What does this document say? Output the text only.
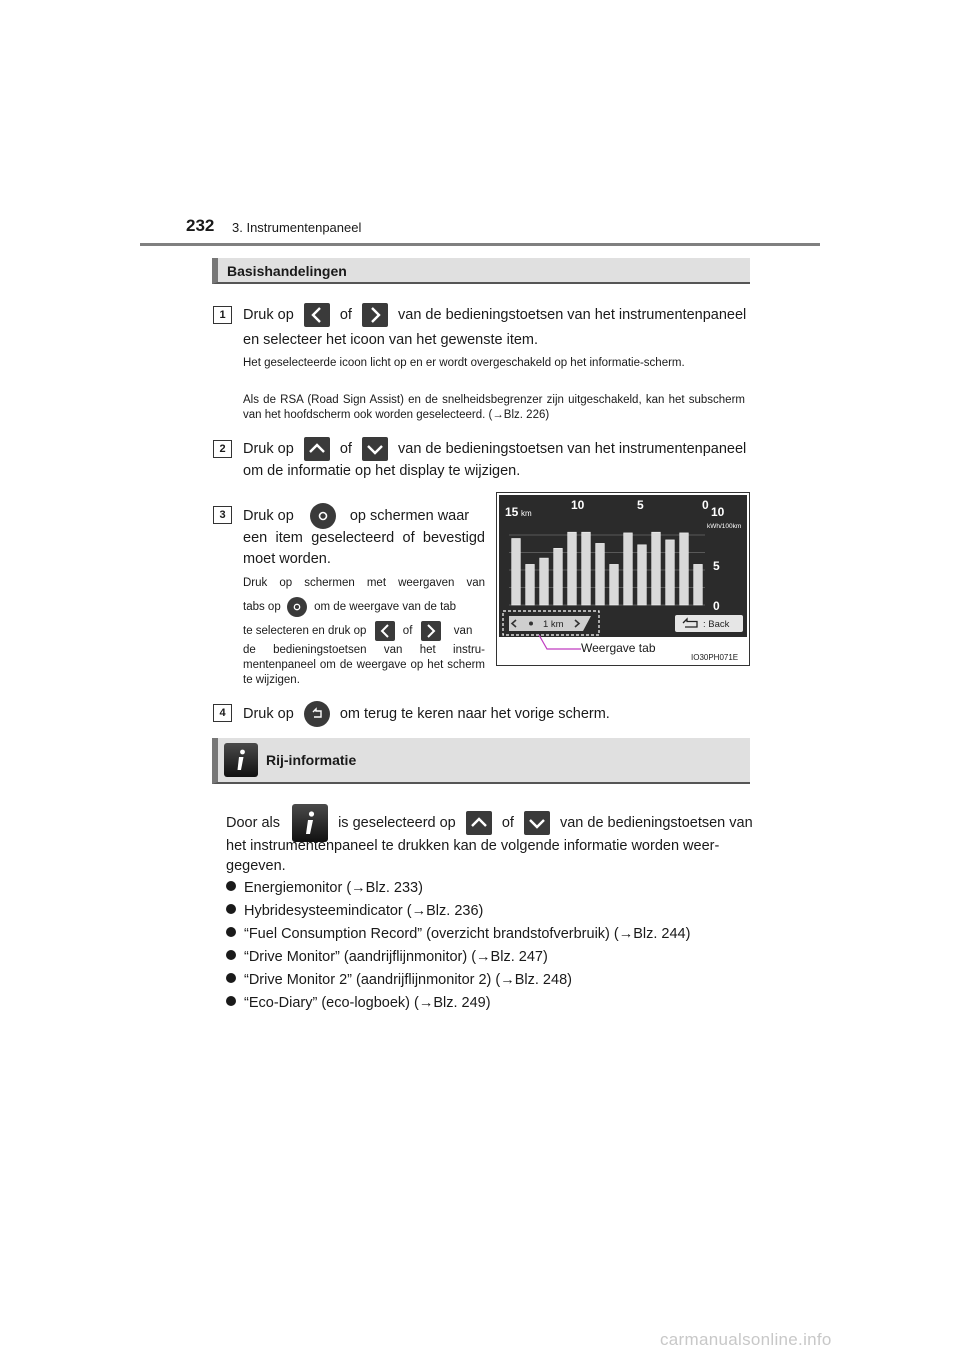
232 3. Instrumentenpaneel
Basishandelingen
1	Druk op	of	van de bedieningstoetsen van het instrumentenpaneel
en selecteer het icoon van het gewenste item.
Het geselecteerde icoon licht op en er wordt overgeschakeld op het informatie-scherm.
Als de RSA (Road Sign Assist) en de snelheidsbegrenzer zijn uitgeschakeld, kan het subscherm van het hoofdscherm ook worden geselecteerd. (→Blz. 226)
2	Druk op	of	van de bedieningstoetsen van het instrumentenpaneel
om de informatie op het display te wijzigen.
3	Druk op	op schermen waar
een item geselecteerd of bevestigd
moet worden.
Druk op schermen met weergaven van
tabs op	om de weergave van de tab
te selecteren en druk op	of	van
de bedieningstoetsen van het instru-mentenpaneel om de weergave op het scherm te wijzigen.
15 km
10	5	0 10
kWh/100km
5
0
1 km	: Back
Weergave tab
IO30PH071E
4	Druk op	om terug te keren naar het vorige scherm.
Rij-informatie
Door als	is geselecteerd op	of	van de bedieningstoetsen van
het instrumentenpaneel te drukken kan de volgende informatie worden weer-
gegeven.
Energiemonitor (→Blz. 233)
Hybridesysteemindicator (→Blz. 236)
“Fuel Consumption Record” (overzicht brandstofverbruik) (→Blz. 244)
“Drive Monitor” (aandrijflijnmonitor) (→Blz. 247)
“Drive Monitor 2” (aandrijflijnmonitor 2) (→Blz. 248)
“Eco-Diary” (eco-logboek) (→Blz. 249)
carmanualsonline.info
